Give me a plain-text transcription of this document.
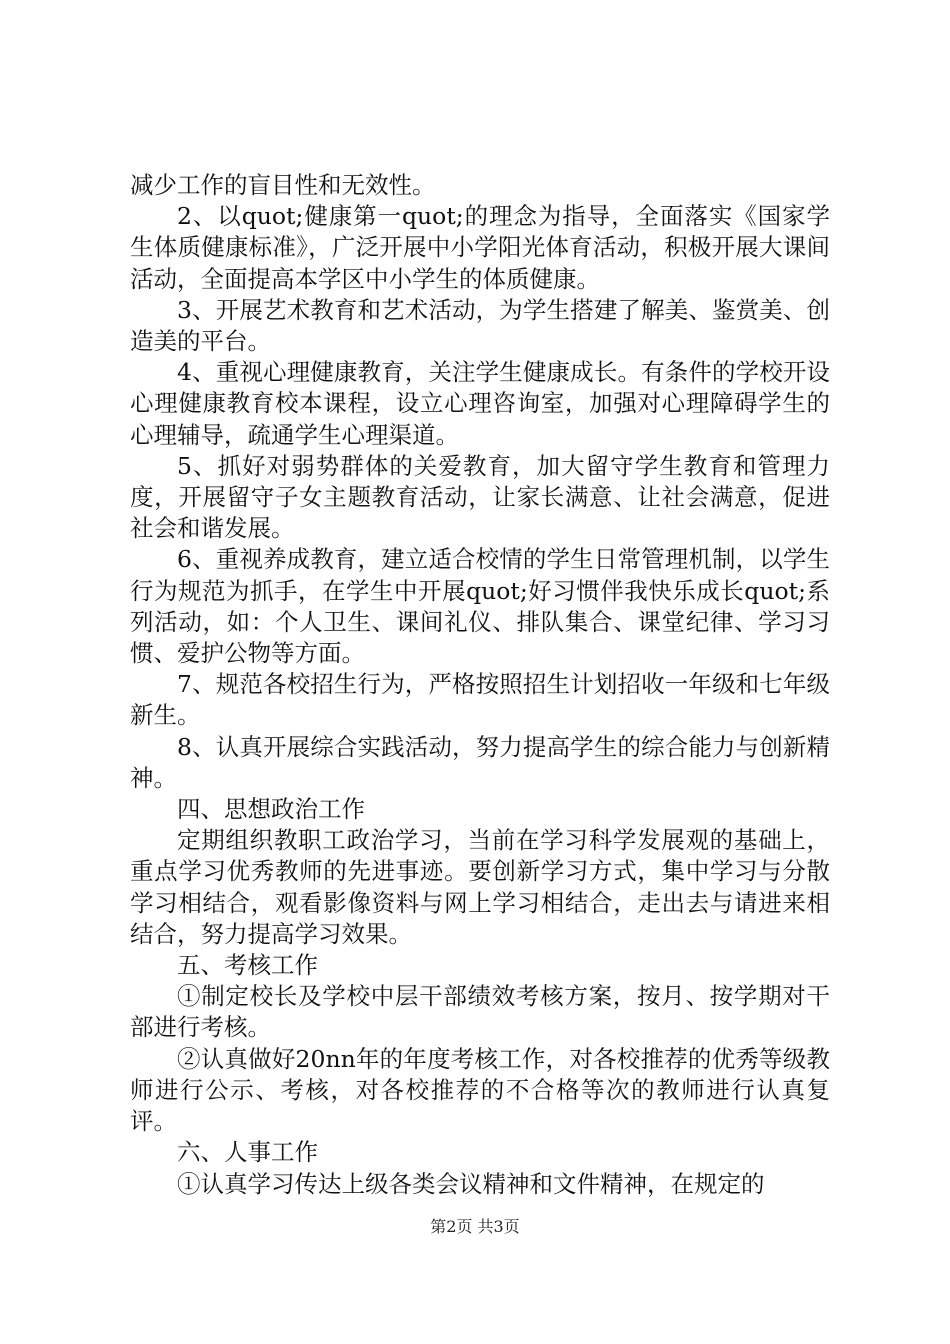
减少工作的盲目性和无效性。

2、以quot;健康第一quot;的理念为指导，全面落实《国家学生体质健康标准》，广泛开展中小学阳光体育活动，积极开展大课间活动，全面提高本学区中小学生的体质健康。

3、开展艺术教育和艺术活动，为学生搭建了解美、鉴赏美、创造美的平台。

4、重视心理健康教育，关注学生健康成长。有条件的学校开设心理健康教育校本课程，设立心理咨询室，加强对心理障碍学生的心理辅导，疏通学生心理渠道。

5、抓好对弱势群体的关爱教育，加大留守学生教育和管理力度，开展留守子女主题教育活动，让家长满意、让社会满意，促进社会和谐发展。

6、重视养成教育，建立适合校情的学生日常管理机制，以学生行为规范为抓手，在学生中开展quot;好习惯伴我快乐成长quot;系列活动，如：个人卫生、课间礼仪、排队集合、课堂纪律、学习习惯、爱护公物等方面。

7、规范各校招生行为，严格按照招生计划招收一年级和七年级新生。

8、认真开展综合实践活动，努力提高学生的综合能力与创新精神。

四、思想政治工作

定期组织教职工政治学习，当前在学习科学发展观的基础上，重点学习优秀教师的先进事迹。要创新学习方式，集中学习与分散学习相结合，观看影像资料与网上学习相结合，走出去与请进来相结合，努力提高学习效果。

五、考核工作

①制定校长及学校中层干部绩效考核方案，按月、按学期对干部进行考核。

②认真做好20nn年的年度考核工作，对各校推荐的优秀等级教师进行公示、考核，对各校推荐的不合格等次的教师进行认真复评。

六、人事工作

①认真学习传达上级各类会议精神和文件精神，在规定的

第2页 共3页
